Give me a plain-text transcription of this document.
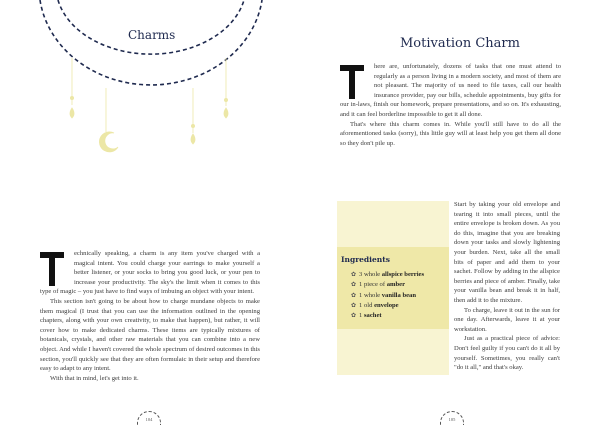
Charms

echnically speaking, a charm is any item you've charged with a magical intent. You could charge your earrings to make yourself a better listener, or your socks to bring you good luck, or your pen to increase your productivity. The sky's the limit when it comes to this type of magic – you just have to find ways of imbuing an object with your intent.

This section isn't going to be about how to charge mundane objects to make them magical (I trust that you can use the information outlined in the opening chapters, along with your own creativity, to make that happen), but rather, it will cover how to make dedicated charms. These items are typically mixtures of botanicals, crystals, and other raw materials that you can combine into a new object. And while I haven't covered the whole spectrum of desired outcomes in this section, you'll quickly see that they are often formulaic in their setup and therefore easy to adapt to any intent.

With that in mind, let's get into it.

104
Motivation Charm

here are, unfortunately, dozens of tasks that one must attend to regularly as a person living in a modern society, and most of them are not pleasant. The majority of us need to file taxes, call our health insurance provider, pay our bills, schedule appointments, buy gifts for our in-laws, finish our homework, prepare presentations, and so on. It's exhausting, and it can feel borderline impossible to get it all done.

That's where this charm comes in. While you'll still have to do all the aforementioned tasks (sorry), this little guy will at least help you get them all done so they don't pile up.

Ingredients
✿ 3 whole allspice berries
✿ 1 piece of amber
✿ 1 whole vanilla bean
✿ 1 old envelope
✿ 1 sachet

Start by taking your old envelope and tearing it into small pieces, until the entire envelope is broken down. As you do this, imagine that you are breaking down your tasks and slowly lightening your burden. Next, take all the small bits of paper and add them to your sachet. Follow by adding in the allspice berries and piece of amber. Finally, take your vanilla bean and break it in half, then add it to the mixture.

To charge, leave it out in the sun for one day. Afterwards, leave it at your workstation.

Just as a practical piece of advice: Don't feel guilty if you can't do it all by yourself. Sometimes, you really can't "do it all," and that's okay.

105
